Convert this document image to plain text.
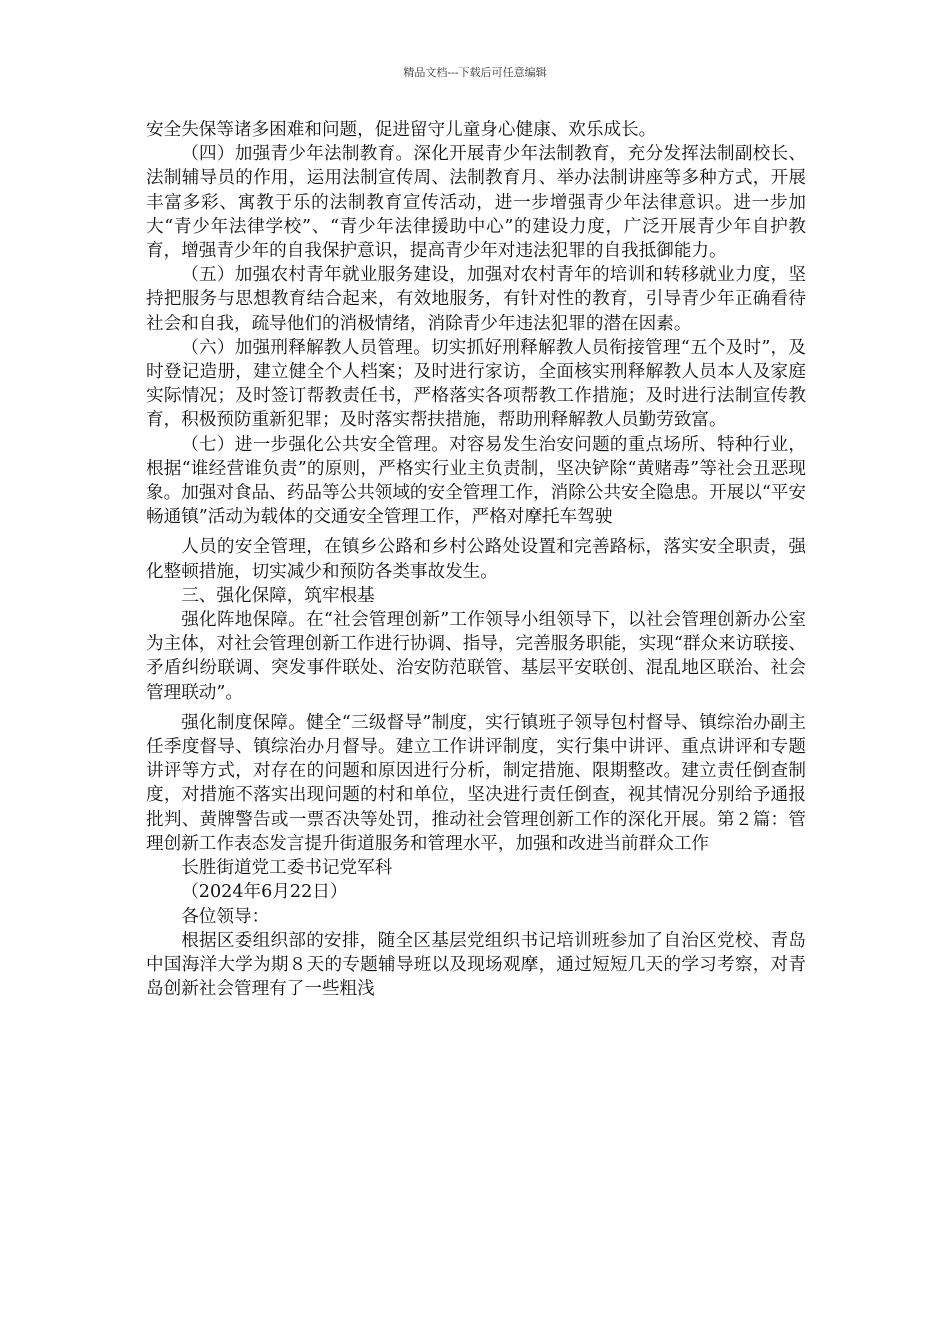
精品文档---下载后可任意编辑

安全失保等诸多困难和问题，促进留守儿童身心健康、欢乐成长。

（四）加强青少年法制教育。深化开展青少年法制教育，充分发挥法制副校长、法制辅导员的作用，运用法制宣传周、法制教育月、举办法制讲座等多种方式，开展丰富多彩、寓教于乐的法制教育宣传活动，进一步增强青少年法律意识。进一步加大“青少年法律学校”、“青少年法律援助中心”的建设力度，广泛开展青少年自护教育，增强青少年的自我保护意识，提高青少年对违法犯罪的自我抵御能力。

（五）加强农村青年就业服务建设，加强对农村青年的培训和转移就业力度，坚持把服务与思想教育结合起来，有效地服务，有针对性的教育，引导青少年正确看待社会和自我，疏导他们的消极情绪，消除青少年违法犯罪的潜在因素。

（六）加强刑释解教人员管理。切实抓好刑释解教人员衔接管理“五个及时”，及时登记造册，建立健全个人档案；及时进行家访，全面核实刑释解教人员本人及家庭实际情况；及时签订帮教责任书，严格落实各项帮教工作措施；及时进行法制宣传教育，积极预防重新犯罪；及时落实帮扶措施，帮助刑释解教人员勤劳致富。

（七）进一步强化公共安全管理。对容易发生治安问题的重点场所、特种行业，根据“谁经营谁负责”的原则，严格实行业主负责制，坚决铲除“黄赌毒”等社会丑恶现象。加强对食品、药品等公共领域的安全管理工作，消除公共安全隐患。开展以“平安畅通镇”活动为载体的交通安全管理工作，严格对摩托车驾驶

人员的安全管理，在镇乡公路和乡村公路处设置和完善路标，落实安全职责，强化整顿措施，切实减少和预防各类事故发生。

三、强化保障，筑牢根基

强化阵地保障。在“社会管理创新”工作领导小组领导下，以社会管理创新办公室为主体，对社会管理创新工作进行协调、指导，完善服务职能，实现“群众来访联接、矛盾纠纷联调、突发事件联处、治安防范联管、基层平安联创、混乱地区联治、社会管理联动”。

强化制度保障。健全“三级督导”制度，实行镇班子领导包村督导、镇综治办副主任季度督导、镇综治办月督导。建立工作讲评制度，实行集中讲评、重点讲评和专题讲评等方式，对存在的问题和原因进行分析，制定措施、限期整改。建立责任倒查制度，对措施不落实出现问题的村和单位，坚决进行责任倒查，视其情况分别给予通报批判、黄牌警告或一票否决等处罚，推动社会管理创新工作的深化开展。第２篇：管理创新工作表态发言提升街道服务和管理水平，加强和改进当前群众工作

长胜街道党工委书记党军科

（2024年6月22日）

各位领导：

根据区委组织部的安排，随全区基层党组织书记培训班参加了自治区党校、青岛中国海洋大学为期８天的专题辅导班以及现场观摩，通过短短几天的学习考察，对青岛创新社会管理有了一些粗浅
